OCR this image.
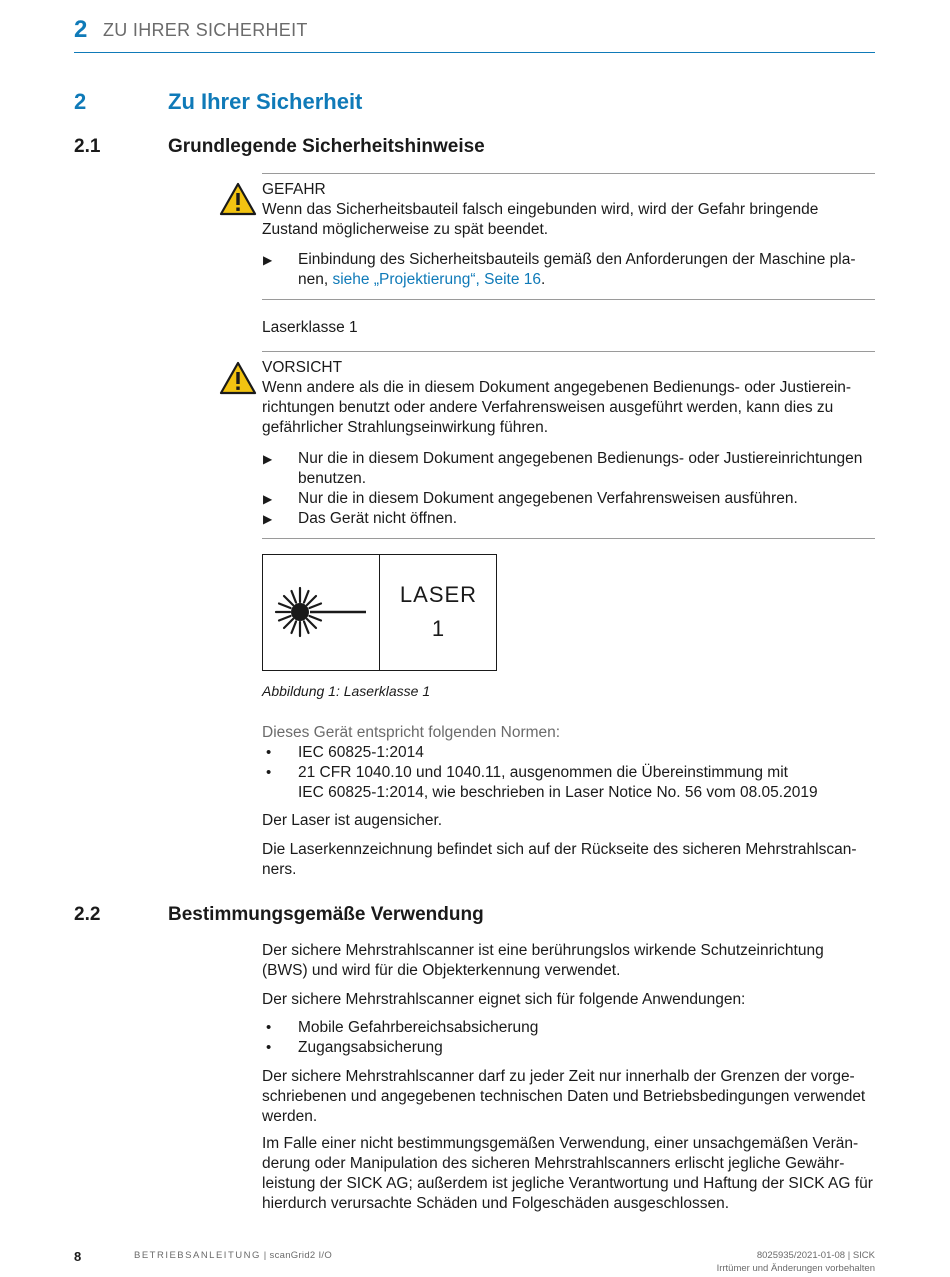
2 ZU IHRER SICHERHEIT
2	Zu Ihrer Sicherheit
2.1	Grundlegende Sicherheitshinweise
GEFAHR
Wenn das Sicherheitsbauteil falsch eingebunden wird, wird der Gefahr bringende
Zustand möglicherweise zu spät beendet.
▶ Einbindung des Sicherheitsbauteils gemäß den Anforderungen der Maschine pla-
nen, siehe „Projektierung“, Seite 16.
Laserklasse 1
VORSICHT
Wenn andere als die in diesem Dokument angegebenen Bedienungs- oder Justierein-
richtungen benutzt oder andere Verfahrensweisen ausgeführt werden, kann dies zu
gefährlicher Strahlungseinwirkung führen.
▶ Nur die in diesem Dokument angegebenen Bedienungs- oder Justiereinrichtungen
benutzen.
▶ Nur die in diesem Dokument angegebenen Verfahrensweisen ausführen.
▶ Das Gerät nicht öffnen.
LASER
1
Abbildung 1: Laserklasse 1
Dieses Gerät entspricht folgenden Normen:
• IEC 60825-1:2014
• 21 CFR 1040.10 und 1040.11, ausgenommen die Übereinstimmung mit
IEC 60825-1:2014, wie beschrieben in Laser Notice No. 56 vom 08.05.2019
Der Laser ist augensicher.
Die Laserkennzeichnung befindet sich auf der Rückseite des sicheren Mehrstrahlscan-
ners.
2.2	Bestimmungsgemäße Verwendung
Der sichere Mehrstrahlscanner ist eine berührungslos wirkende Schutzeinrichtung
(BWS) und wird für die Objekterkennung verwendet.
Der sichere Mehrstrahlscanner eignet sich für folgende Anwendungen:
• Mobile Gefahrbereichsabsicherung
• Zugangsabsicherung
Der sichere Mehrstrahlscanner darf zu jeder Zeit nur innerhalb der Grenzen der vorge-
schriebenen und angegebenen technischen Daten und Betriebsbedingungen verwendet
werden.
Im Falle einer nicht bestimmungsgemäßen Verwendung, einer unsachgemäßen Verän-
derung oder Manipulation des sicheren Mehrstrahlscanners erlischt jegliche Gewähr-
leistung der SICK AG; außerdem ist jegliche Verantwortung und Haftung der SICK AG für
hierdurch verursachte Schäden und Folgeschäden ausgeschlossen.
8	BETRIEBSANLEITUNG | scanGrid2 I/O	8025935/2021-01-08 | SICK
Irrtümer und Änderungen vorbehalten
